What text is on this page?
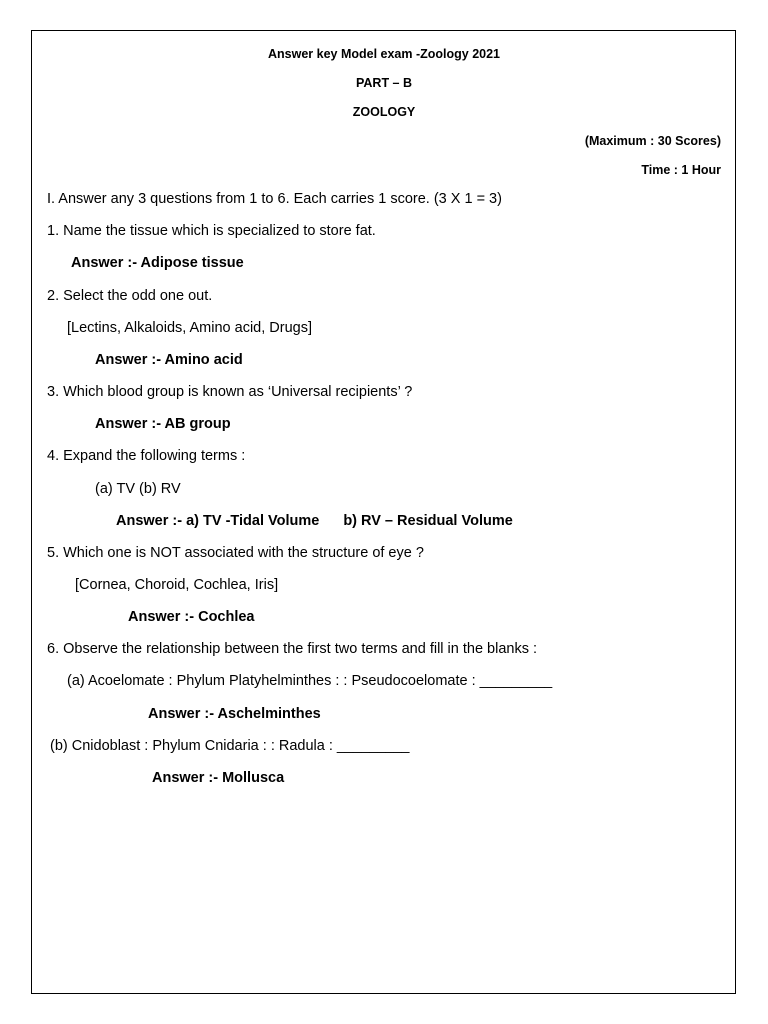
Answer key Model exam -Zoology 2021
PART – B
ZOOLOGY
(Maximum : 30 Scores)
Time : 1 Hour
I. Answer any 3 questions from 1 to 6. Each carries 1 score. (3 X 1 = 3)
1. Name the tissue which is specialized to store fat.
Answer :- Adipose tissue
2. Select the odd one out.
[Lectins, Alkaloids, Amino acid, Drugs]
Answer :- Amino acid
3. Which blood group is known as ‘Universal recipients’ ?
Answer :- AB group
4. Expand the following terms :
(a) TV (b) RV
Answer :- a) TV -Tidal Volume b) RV – Residual Volume
5. Which one is NOT associated with the structure of eye ?
[Cornea, Choroid, Cochlea, Iris]
Answer :- Cochlea
6. Observe the relationship between the first two terms and fill in the blanks :
(a) Acoelomate : Phylum Platyhelminthes : : Pseudocoelomate : _________
Answer :- Aschelminthes
(b) Cnidoblast : Phylum Cnidaria : : Radula : _________
Answer :- Mollusca
